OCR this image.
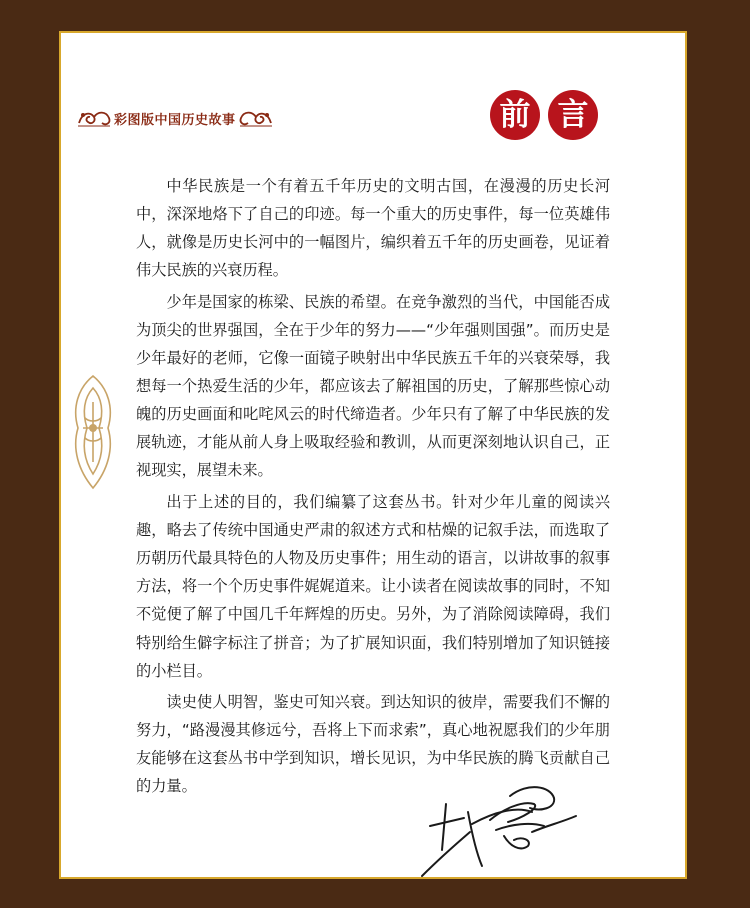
彩图版中国历史故事	前 言

中华民族是一个有着五千年历史的文明古国，在漫漫的历史长河中，深深地烙下了自己的印迹。每一个重大的历史事件，每一位英雄伟人，就像是历史长河中的一幅图片，编织着五千年的历史画卷，见证着伟大民族的兴衰历程。

少年是国家的栋梁、民族的希望。在竞争激烈的当代，中国能否成为顶尖的世界强国，全在于少年的努力——“少年强则国强”。而历史是少年最好的老师，它像一面镜子映射出中华民族五千年的兴衰荣辱，我想每一个热爱生活的少年，都应该去了解祖国的历史，了解那些惊心动魄的历史画面和叱咤风云的时代缔造者。少年只有了解了中华民族的发展轨迹，才能从前人身上吸取经验和教训，从而更深刻地认识自己，正视现实，展望未来。

出于上述的目的，我们编纂了这套丛书。针对少年儿童的阅读兴趣，略去了传统中国通史严肃的叙述方式和枯燥的记叙手法，而选取了历朝历代最具特色的人物及历史事件；用生动的语言，以讲故事的叙事方法，将一个个历史事件娓娓道来。让小读者在阅读故事的同时，不知不觉便了解了中国几千年辉煌的历史。另外，为了消除阅读障碍，我们特别给生僻字标注了拼音；为了扩展知识面，我们特别增加了知识链接的小栏目。

读史使人明智，鉴史可知兴衰。到达知识的彼岸，需要我们不懈的努力，“路漫漫其修远兮，吾将上下而求索”，真心地祝愿我们的少年朋友能够在这套丛书中学到知识，增长见识，为中华民族的腾飞贡献自己的力量。
